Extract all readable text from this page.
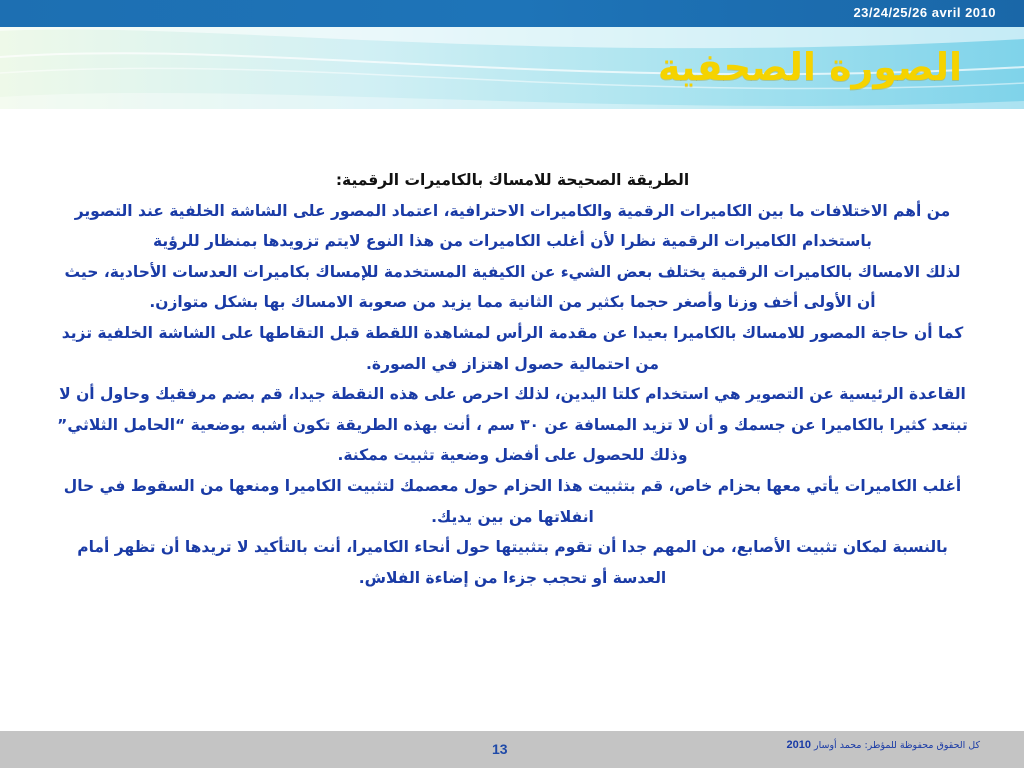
23/24/25/26 avril 2010
الصورة الصحفية

الطريقة الصحيحة للامساك بالكاميرات الرقمية:

من أهم الاختلافات ما بين الكاميرات الرقمية والكاميرات الاحترافية، اعتماد المصور على الشاشة الخلفية عند التصوير باستخدام الكاميرات الرقمية نظرا لأن أغلب الكاميرات من هذا النوع لايتم تزويدها بمنظار للرؤية

لذلك الامساك بالكاميرات الرقمية يختلف بعض الشيء عن الكيفية المستخدمة للإمساك بكاميرات العدسات الأحادية، حيث أن الأولى أخف وزنا وأصغر حجما بكثير من الثانية مما يزيد من صعوبة الامساك بها بشكل متوازن.

كما أن حاجة المصور للامساك بالكاميرا بعيدا عن مقدمة الرأس لمشاهدة اللقطة قبل التقاطها على الشاشة الخلفية تزيد من احتمالية حصول اهتزاز في الصورة.

القاعدة الرئيسية عن التصوير هي استخدام كلتا اليدين، لذلك احرص على هذه النقطة جيدا، قم بضم مرفقيك وحاول أن لا تبتعد كثيرا بالكاميرا عن جسمك و أن لا تزيد المسافة عن ٣٠ سم ، أنت بهذه الطريقة تكون أشبه بوضعية “الحامل الثلاثي” وذلك للحصول على أفضل وضعية تثبيت ممكنة.

أغلب الكاميرات يأتي معها بحزام خاص، قم بتثبيت هذا الحزام حول معصمك لتثبيت الكاميرا ومنعها من السقوط في حال انفلاتها من بين يديك.

بالنسبة لمكان تثبيت الأصابع، من المهم جدا أن تقوم بتثبيتها حول أنحاء الكاميرا، أنت بالتأكيد لا تريدها أن تظهر أمام العدسة أو تحجب جزءا من إضاءة الفلاش.

13	كل الحقوق محفوظة للمؤطر: محمد أوسار 2010
